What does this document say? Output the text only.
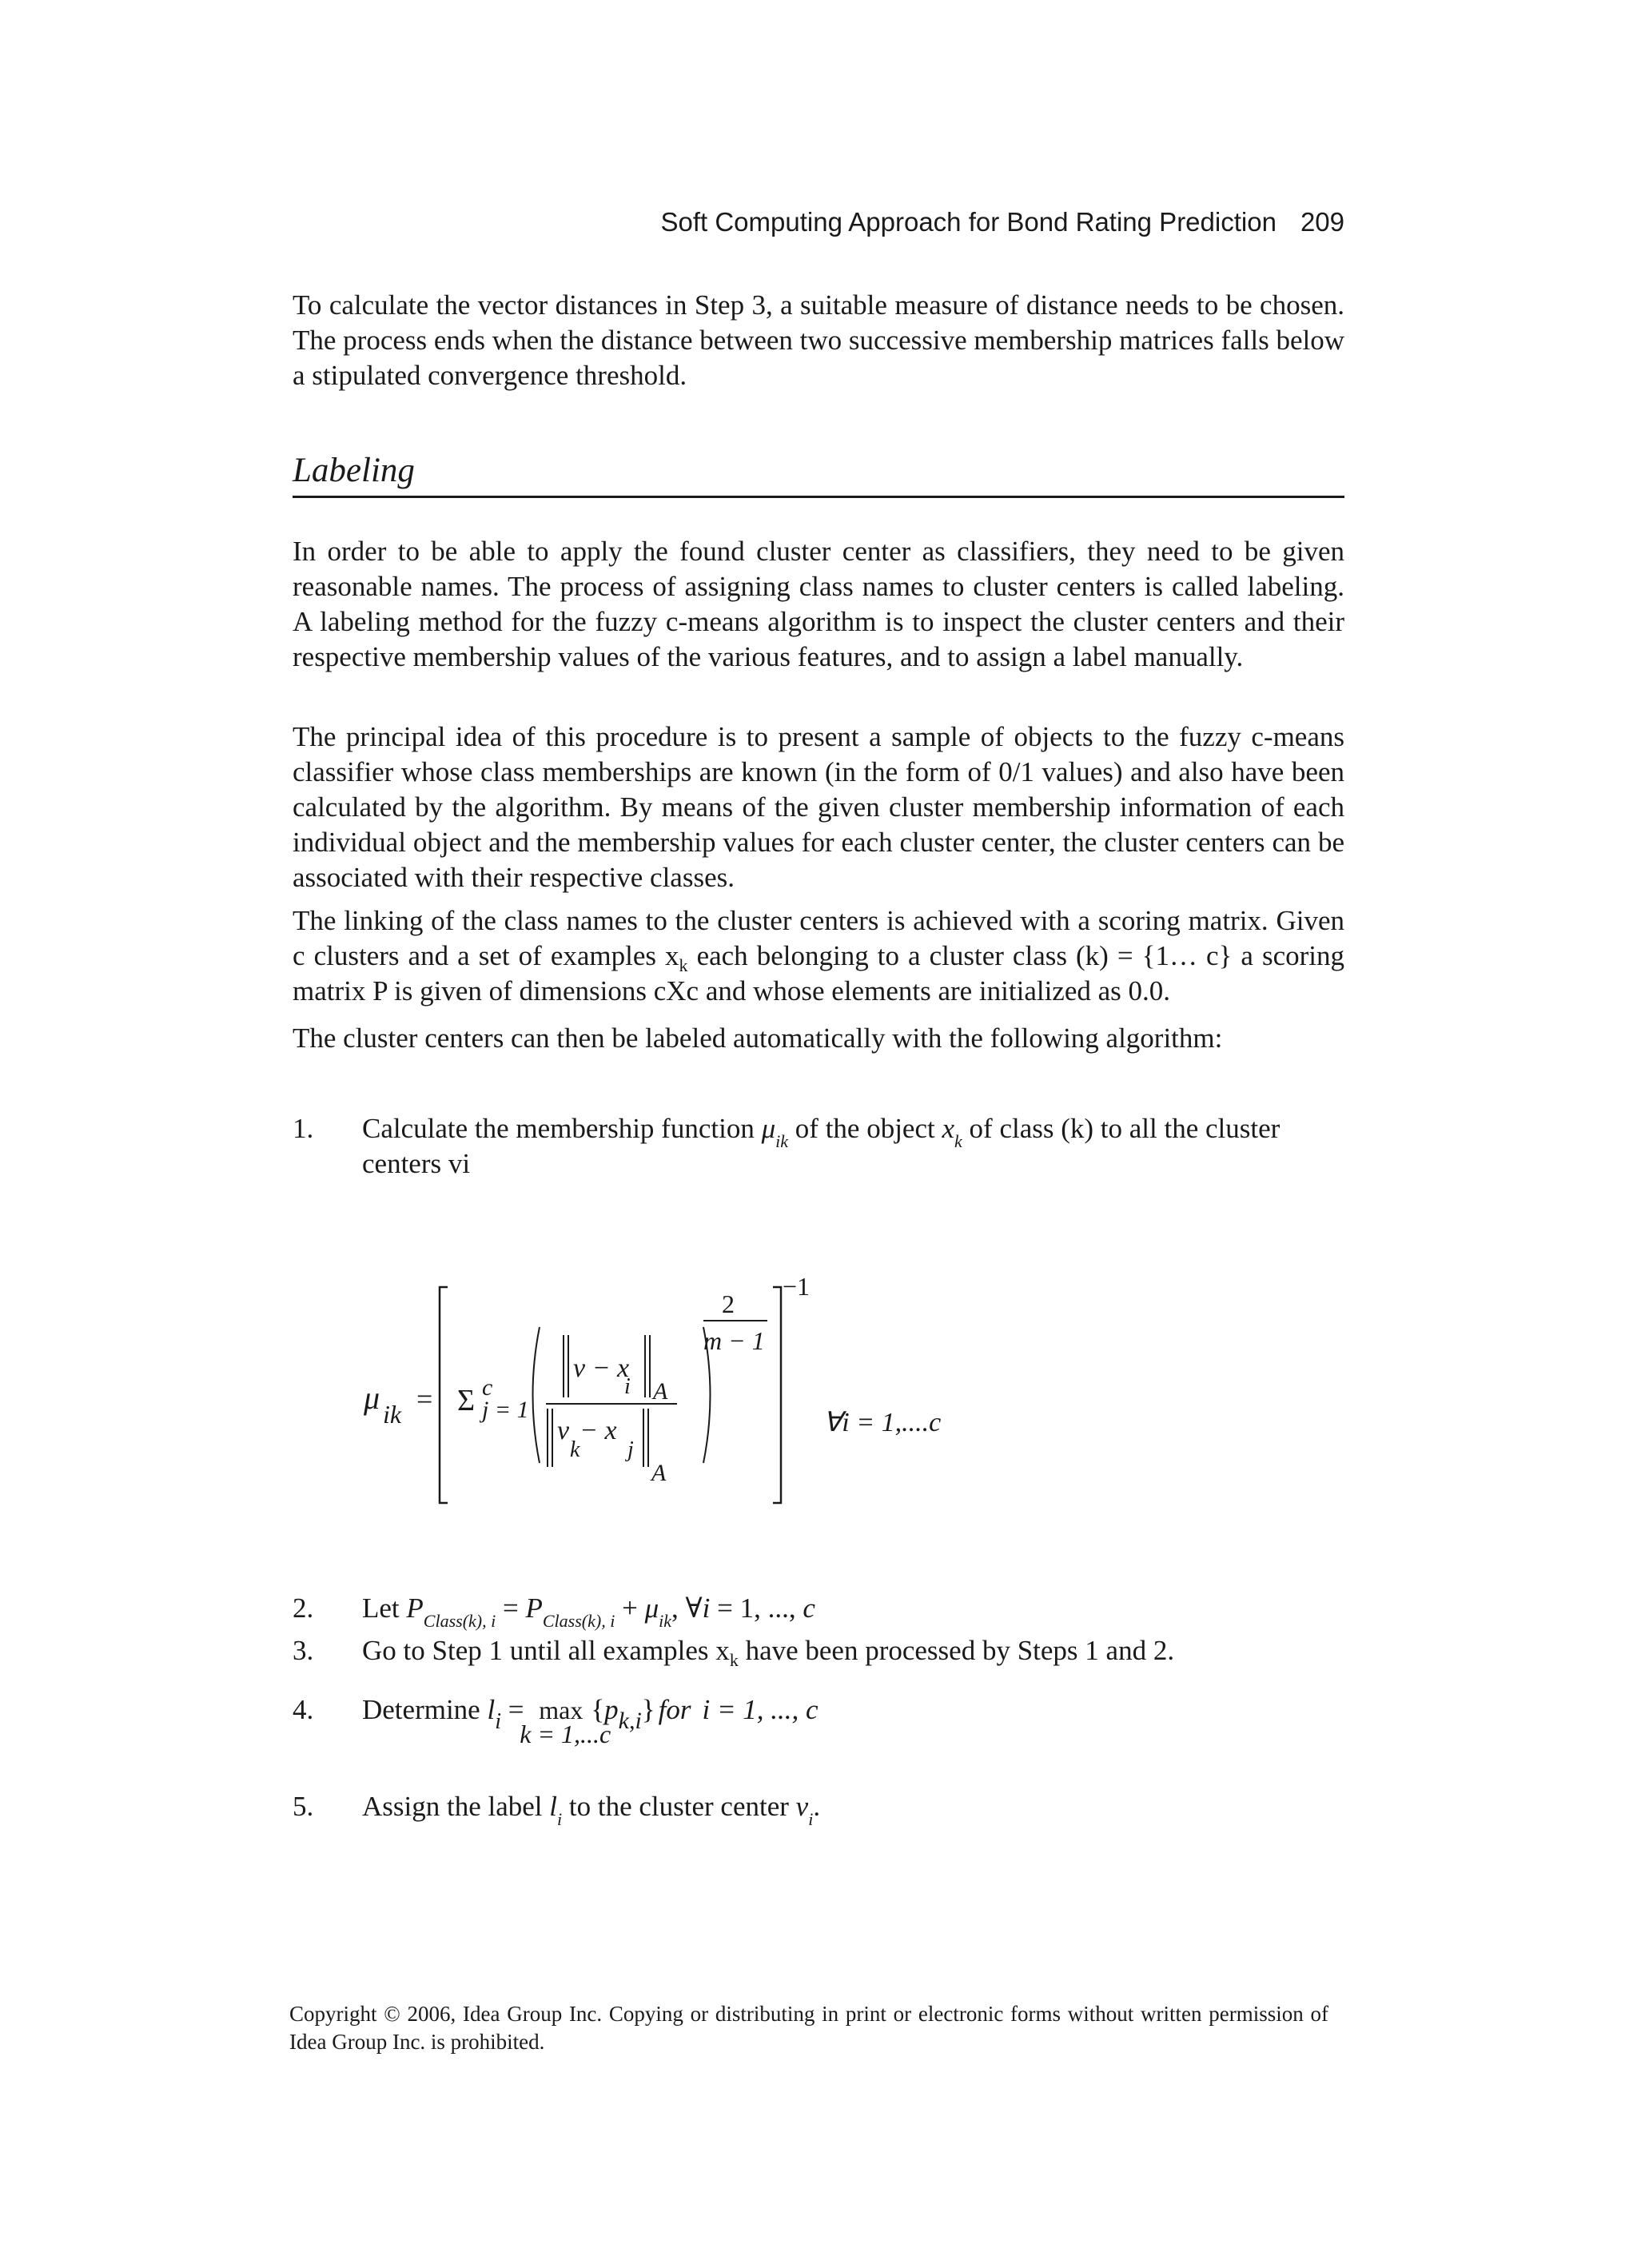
Soft Computing Approach for Bond Rating Prediction 209

To calculate the vector distances in Step 3, a suitable measure of distance needs to be chosen. The process ends when the distance between two successive membership matrices falls below a stipulated convergence threshold.

Labeling

In order to be able to apply the found cluster center as classifiers, they need to be given reasonable names. The process of assigning class names to cluster centers is called labeling. A labeling method for the fuzzy c-means algorithm is to inspect the cluster centers and their respective membership values of the various features, and to assign a label manually.

The principal idea of this procedure is to present a sample of objects to the fuzzy c-means classifier whose class memberships are known (in the form of 0/1 values) and also have been calculated by the algorithm. By means of the given cluster membership information of each individual object and the membership values for each cluster center, the cluster centers can be associated with their respective classes.

The linking of the class names to the cluster centers is achieved with a scoring matrix. Given c clusters and a set of examples $x_k$ each belonging to a cluster class (k) = {1… c} a scoring matrix P is given of dimensions cXc and whose elements are initialized as 0.0.

The cluster centers can then be labeled automatically with the following algorithm:

1. Calculate the membership function $\mu_{ik}$ of the object $x_k$ of class (k) to all the cluster centers vi
μ ik = Σ c
j = 1
v − x
i A
v
k
− x
j
A
2
m − 1
−1
∀i = 1,....c
2. Let $P_{Class(k), i} = P_{Class(k), i} + \mu_{ik}$, ∀i = 1, ..., c
3. Go to Step 1 until all examples $x_k$ have been processed by Steps 1 and 2.
4. Determine $l_i = \max$
k = 1,...c
{pk,i} for i = 1, ..., c
5. Assign the label $l_i$ to the cluster center $v_i$.

Copyright © 2006, Idea Group Inc. Copying or distributing in print or electronic forms without written permission of Idea Group Inc. is prohibited.
